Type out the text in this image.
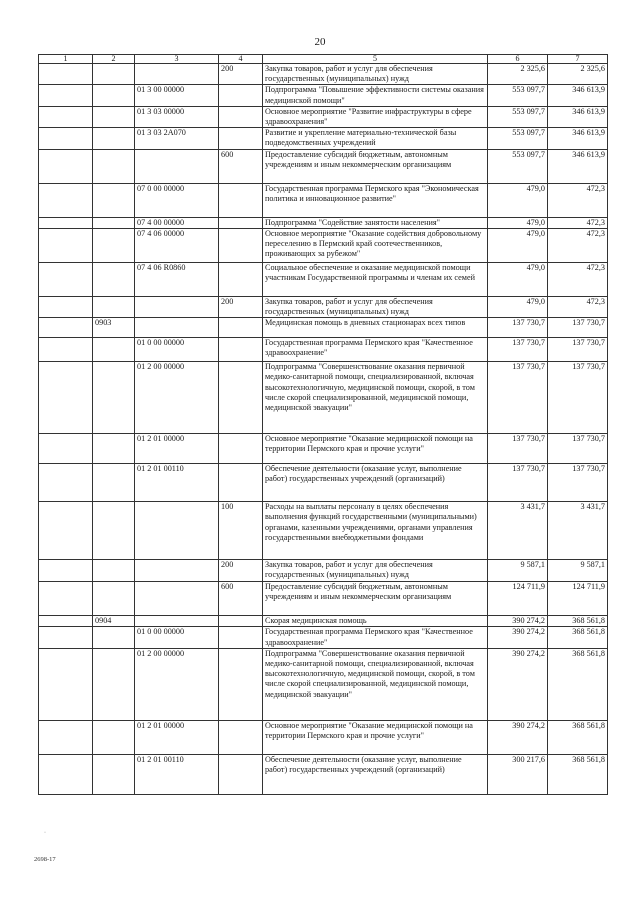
20
1	2	3	4	5	6	7
			200	Закупка товаров, работ и услуг для обеспечения государственных (муниципальных) нужд	2 325,6	2 325,6
		01 3 00 00000		Подпрограмма "Повышение эффективности системы оказания медицинской помощи"	553 097,7	346 613,9
		01 3 03 00000		Основное мероприятие "Развитие инфраструктуры в сфере здравоохранения"	553 097,7	346 613,9
		01 3 03 2А070		Развитие и укрепление материально-технической базы подведомственных учреждений	553 097,7	346 613,9
			600	Предоставление субсидий бюджетным, автономным учреждениям и иным некоммерческим организациям	553 097,7	346 613,9
		07 0 00 00000		Государственная программа Пермского края "Экономическая политика и инновационное развитие"	479,0	472,3
		07 4 00 00000		Подпрограмма "Содействие занятости населения"	479,0	472,3
		07 4 06 00000		Основное мероприятие "Оказание содействия добровольному переселению в Пермский край соотечественников, проживающих за рубежом"	479,0	472,3
		07 4 06 R0860		Социальное обеспечение и оказание медицинской помощи участникам Государственной программы и членам их семей	479,0	472,3
			200	Закупка товаров, работ и услуг для обеспечения государственных (муниципальных) нужд	479,0	472,3
	0903			Медицинская помощь в дневных стационарах всех типов	137 730,7	137 730,7
		01 0 00 00000		Государственная программа Пермского края "Качественное здравоохранение"	137 730,7	137 730,7
		01 2 00 00000		Подпрограмма "Совершенствование оказания первичной медико-санитарной помощи, специализированной, включая высокотехнологичную, медицинской помощи, скорой, в том числе скорой специализированной, медицинской помощи, медицинской эвакуации"	137 730,7	137 730,7
		01 2 01 00000		Основное мероприятие "Оказание медицинской помощи на территории Пермского края и прочие услуги"	137 730,7	137 730,7
		01 2 01 00110		Обеспечение деятельности (оказание услуг, выполнение работ) государственных учреждений (организаций)	137 730,7	137 730,7
			100	Расходы на выплаты персоналу в целях обеспечения выполнения функций государственными (муниципальными) органами, казенными учреждениями, органами управления государственными внебюджетными фондами	3 431,7	3 431,7
			200	Закупка товаров, работ и услуг для обеспечения государственных (муниципальных) нужд	9 587,1	9 587,1
			600	Предоставление субсидий бюджетным, автономным учреждениям и иным некоммерческим организациям	124 711,9	124 711,9
	0904			Скорая медицинская помощь	390 274,2	368 561,8
		01 0 00 00000		Государственная программа Пермского края "Качественное здравоохранение"	390 274,2	368 561,8
		01 2 00 00000		Подпрограмма "Совершенствование оказания первичной медико-санитарной помощи, специализированной, включая высокотехнологичную, медицинской помощи, скорой, в том числе скорой специализированной, медицинской помощи, медицинской эвакуации"	390 274,2	368 561,8
		01 2 01 00000		Основное мероприятие "Оказание медицинской помощи на территории Пермского края и прочие услуги"	390 274,2	368 561,8
		01 2 01 00110		Обеспечение деятельности (оказание услуг, выполнение работ) государственных учреждений (организаций)	300 217,6	368 561,8
·
2698-17
